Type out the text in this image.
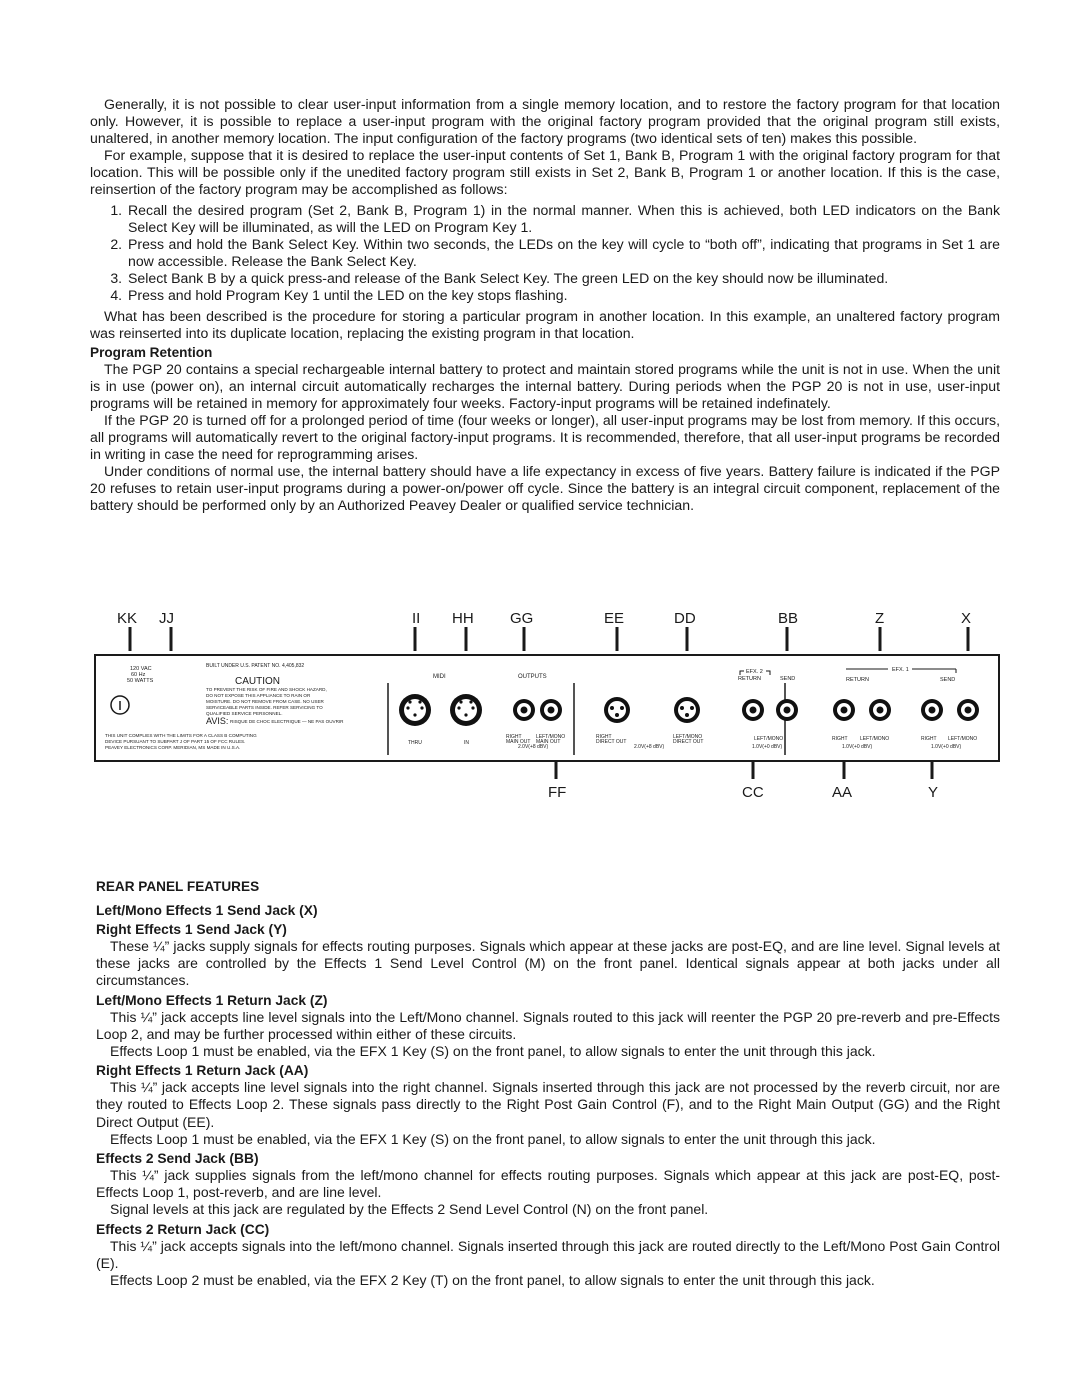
Generally, it is not possible to clear user-input information from a single memory location, and to restore the factory program for that location only. However, it is possible to replace a user-input program with the original factory program provided that the original program still exists, unaltered, in another memory location. The input configuration of the factory programs (two identical sets of ten) makes this possible.

For example, suppose that it is desired to replace the user-input contents of Set 1, Bank B, Program 1 with the original factory program for that location. This will be possible only if the unedited factory program still exists in Set 2, Bank B, Program 1 or another location. If this is the case, reinsertion of the factory program may be accomplished as follows:

1. Recall the desired program (Set 2, Bank B, Program 1) in the normal manner. When this is achieved, both LED indicators on the Bank Select Key will be illuminated, as will the LED on Program Key 1.
2. Press and hold the Bank Select Key. Within two seconds, the LEDs on the key will cycle to “both off”, indicating that programs in Set 1 are now accessible. Release the Bank Select Key.
3. Select Bank B by a quick press-and release of the Bank Select Key. The green LED on the key should now be illuminated.
4. Press and hold Program Key 1 until the LED on the key stops flashing.

What has been described is the procedure for storing a particular program in another location. In this example, an unaltered factory program was reinserted into its duplicate location, replacing the existing program in that location.

Program Retention

The PGP 20 contains a special rechargeable internal battery to protect and maintain stored programs while the unit is not in use. When the unit is in use (power on), an internal circuit automatically recharges the internal battery. During periods when the PGP 20 is not in use, user-input programs will be retained in memory for approximately four weeks. Factory-input programs will be retained indefinately.

If the PGP 20 is turned off for a prolonged period of time (four weeks or longer), all user-input programs may be lost from memory. If this occurs, all programs will automatically revert to the original factory-input programs. It is recommended, therefore, that all user-input programs be recorded in writing in case the need for reprogramming arises.

Under conditions of normal use, the internal battery should have a life expectancy in excess of five years. Battery failure is indicated if the PGP 20 refuses to retain user-input programs during a power-on/power off cycle. Since the battery is an integral circuit component, replacement of the battery should be performed only by an Authorized Peavey Dealer or qualified service technician.

KK JJ	II HH GG	EE	DD	BB	Z	X
FF	CC	AA	Y
120 VAC
60 Hz
50 WATTS
BUILT UNDER U.S. PATENT NO. 4,405,832
CAUTION
TO PREVENT THE RISK OF FIRE AND SHOCK HAZARD,
DO NOT EXPOSE THIS APPLIANCE TO RAIN OR
MOISTURE. DO NOT REMOVE FROM CASE. NO USER
SERVICEABLE PARTS INSIDE. REFER SERVICING TO
QUALIFIED SERVICE PERSONNEL.
AVIS: RISQUE DE CHOC ELECTRIQUE — NE PAS OUVRIR
THIS UNIT COMPLIES WITH THE LIMITS FOR A CLASS B COMPUTING
DEVICE PURSUANT TO SUBPART J OF PART 15 OF FCC RULES.
PEAVEY ELECTRONICS CORP. MERIDIAN, MS MADE IN U.S.A.
MIDI
THRU	IN
OUTPUTS
RIGHT
MAIN OUT
LEFT/MONO
MAIN OUT
2.0V(+8 dBV)
RIGHT
DIRECT OUT
LEFT/MONO
DIRECT OUT
2.0V(+8 dBV)
EFX. 2
RETURN	SEND
LEFT/MONO
1.0V(+0 dBV)
EFX. 1
RETURN	SEND
RIGHT LEFT/MONO
1.0V(+0 dBV)
RIGHT LEFT/MONO
1.0V(+0 dBV)
REAR PANEL FEATURES
Left/Mono Effects 1 Send Jack (X)
Right Effects 1 Send Jack (Y)

These ¼” jacks supply signals for effects routing purposes. Signals which appear at these jacks are post-EQ, and are line level. Signal levels at these jacks are controlled by the Effects 1 Send Level Control (M) on the front panel. Identical signals appear at both jacks under all circumstances.

Left/Mono Effects 1 Return Jack (Z)

This ¼” jack accepts line level signals into the Left/Mono channel. Signals routed to this jack will reenter the PGP 20 pre-reverb and pre-Effects Loop 2, and may be further processed within either of these circuits.

Effects Loop 1 must be enabled, via the EFX 1 Key (S) on the front panel, to allow signals to enter the unit through this jack.

Right Effects 1 Return Jack (AA)

This ¼” jack accepts line level signals into the right channel. Signals inserted through this jack are not processed by the reverb circuit, nor are they routed to Effects Loop 2. These signals pass directly to the Right Post Gain Control (F), and to the Right Main Output (GG) and the Right Direct Output (EE).

Effects Loop 1 must be enabled, via the EFX 1 Key (S) on the front panel, to allow signals to enter the unit through this jack.

Effects 2 Send Jack (BB)

This ¼” jack supplies signals from the left/mono channel for effects routing purposes. Signals which appear at this jack are post-EQ, post-Effects Loop 1, post-reverb, and are line level.

Signal levels at this jack are regulated by the Effects 2 Send Level Control (N) on the front panel.

Effects 2 Return Jack (CC)

This ¼” jack accepts signals into the left/mono channel. Signals inserted through this jack are routed directly to the Left/Mono Post Gain Control (E).

Effects Loop 2 must be enabled, via the EFX 2 Key (T) on the front panel, to allow signals to enter the unit through this jack.
